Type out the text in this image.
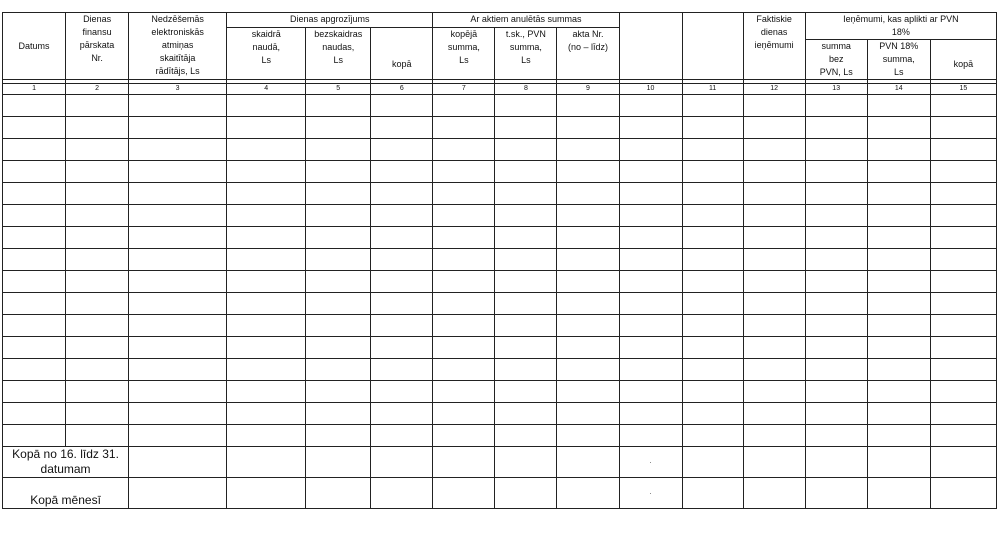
Datums	Dienas
finansu
pārskata
Nr.	Nedzēšemās
elektroniskās
atmiņas
skaitītāja
rādītājs, Ls	Dienas apgrozījums			Ar aktiem anulētās summas					Faktiskie
dienas
ieņēmumi	Ieņēmumi, kas aplikti ar PVN
18%		
			skaidrā
naudā,
Ls	bezskaidras
naudas,
Ls	kopā	kopējā
summa,
Ls	t.sk., PVN
summa,
Ls	akta Nr.
(no – līdz)						
												summa
bez
PVN, Ls	PVN 18%
summa,
Ls	kopā

1	2	3	4	5	6	7	8	9	10	11	12	13	14	15

Kopā no 16. līdz 31.
datumam									·					
Kopā mēnesī									·					
